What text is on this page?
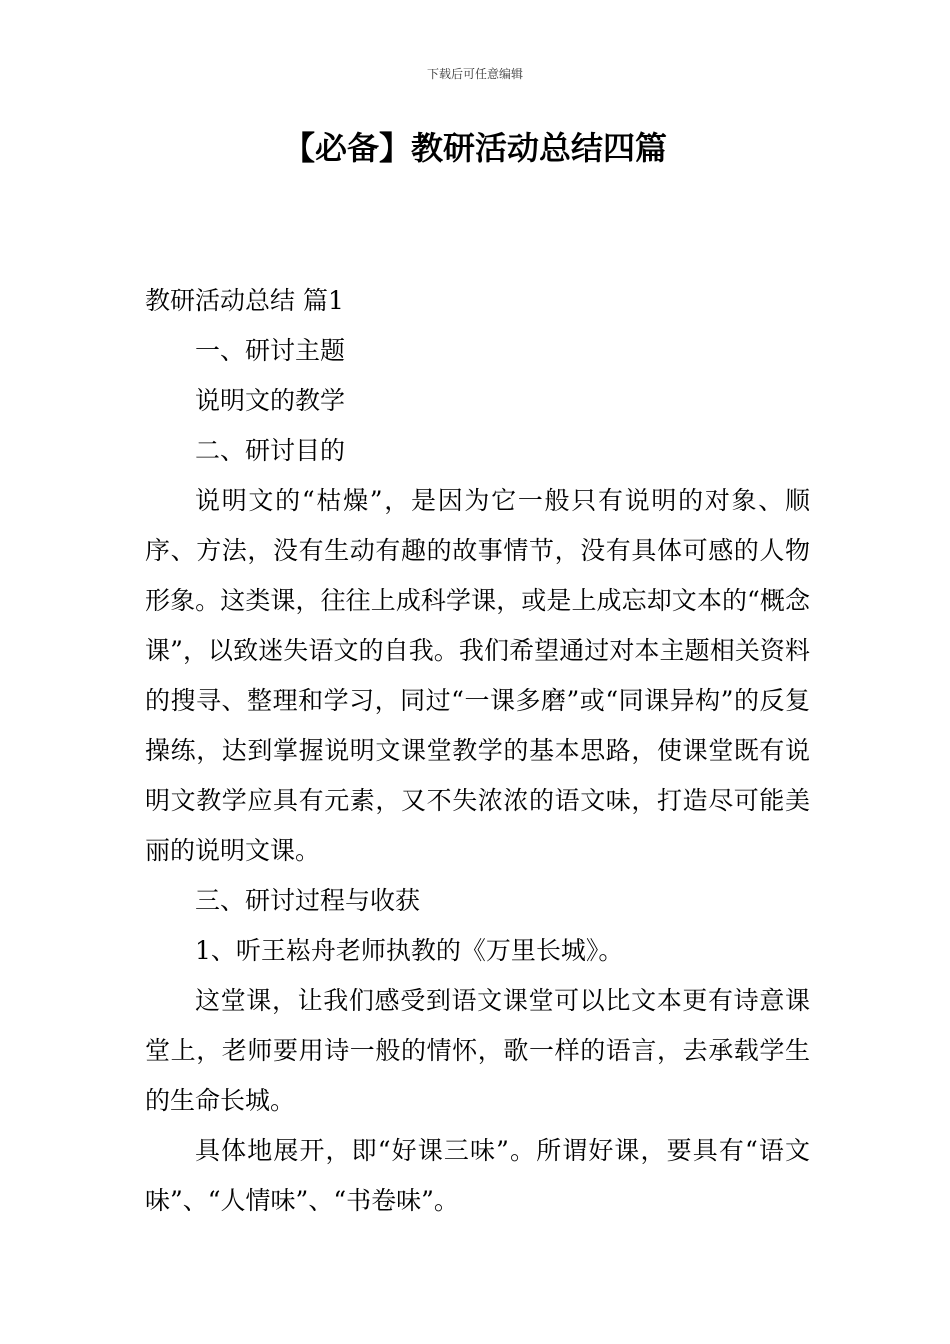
下载后可任意编辑
【必备】教研活动总结四篇

教研活动总结 篇1

一、研讨主题

说明文的教学

二、研讨目的

说明文的“枯燥”，是因为它一般只有说明的对象、顺序、方法，没有生动有趣的故事情节，没有具体可感的人物形象。这类课，往往上成科学课，或是上成忘却文本的“概念课”，以致迷失语文的自我。我们希望通过对本主题相关资料的搜寻、整理和学习，同过“一课多磨”或“同课异构”的反复操练，达到掌握说明文课堂教学的基本思路，使课堂既有说明文教学应具有元素，又不失浓浓的语文味，打造尽可能美丽的说明文课。

三、研讨过程与收获

1、听王崧舟老师执教的《万里长城》。

这堂课，让我们感受到语文课堂可以比文本更有诗意课堂上，老师要用诗一般的情怀，歌一样的语言，去承载学生的生命长城。

具体地展开，即“好课三味”。所谓好课，要具有“语文味”、“人情味”、“书卷味”。
